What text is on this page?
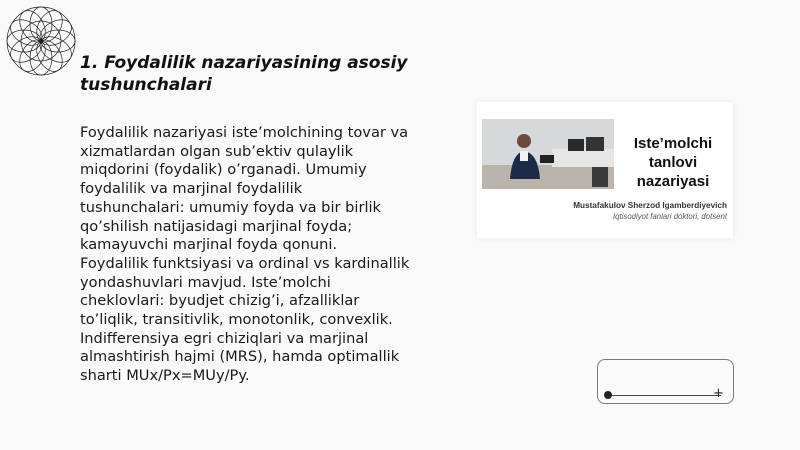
1. Foydalilik nazariyasining asosiy tushunchalari
Foydalilik nazariyasi iste’molchining tovar va xizmatlardan olgan sub’ektiv qulaylik miqdorini (foydalik) o’rganadi. Umumiy foydalilik va marjinal foydalilik tushunchalari: umumiy foyda va bir birlik qo’shilish natijasidagi marjinal foyda; kamayuvchi marjinal foyda qonuni. Foydalilik funktsiyasi va ordinal vs kardinallik yondashuvlari mavjud. Iste’molchi cheklovlari: byudjet chizig’i, afzalliklar to’liqlik, transitivlik, monotonlik, convexlik. Indifferensiya egri chiziqlari va marjinal almashtirish hajmi (MRS), hamda optimallik sharti MUx/Px=MUy/Py.
Iste’molchi tanlovi nazariyasi
Mustafakulov Sherzod Igamberdiyevich
Iqtisodiyot fanlari doktori, dotsent
+
